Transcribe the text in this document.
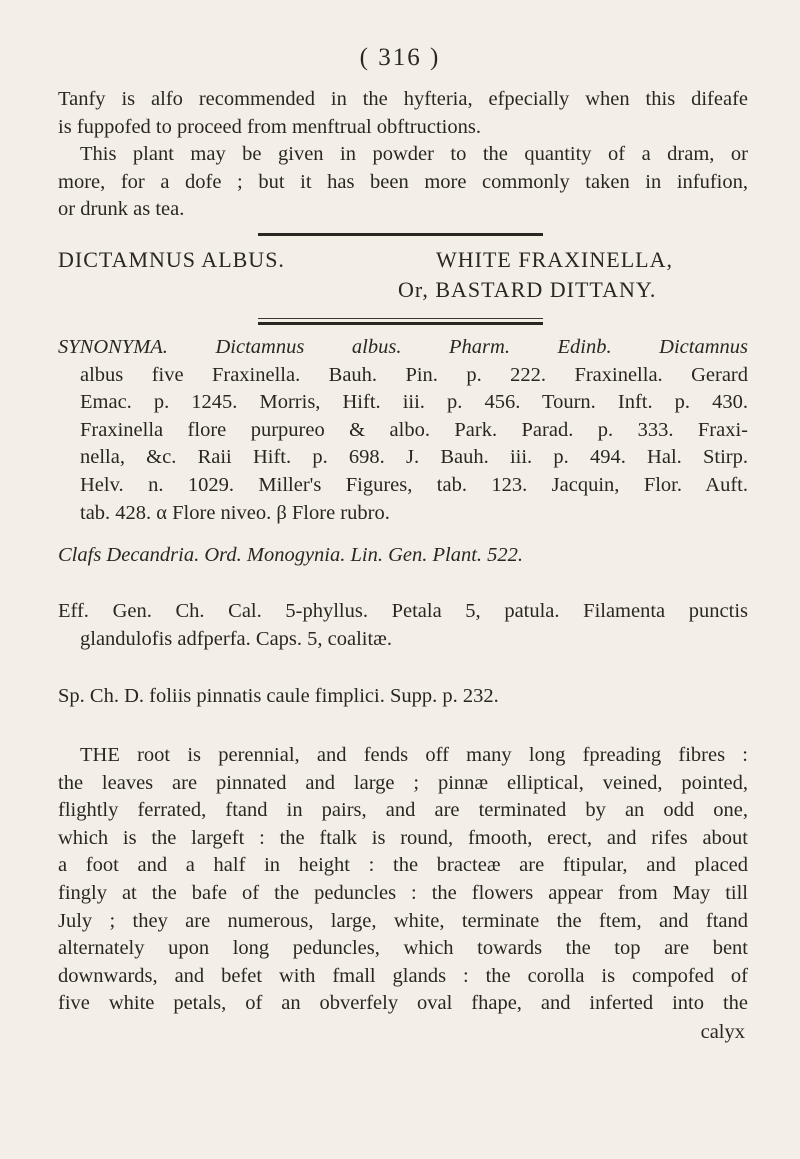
( 316 )

Tanfy is alfo recommended in the hyfteria, efpecially when this difeafe
is fuppofed to proceed from menftrual obftructions.
This plant may be given in powder to the quantity of a dram, or
more, for a dofe ; but it has been more commonly taken in infufion,
or drunk as tea.

DICTAMNUS ALBUS.	WHITE FRAXINELLA,
Or, BASTARD DITTANY.

SYNONYMA. Dictamnus albus. Pharm. Edinb. Dictamnus
albus five Fraxinella. Bauh. Pin. p. 222. Fraxinella. Gerard
Emac. p. 1245. Morris, Hift. iii. p. 456. Tourn. Inft. p. 430.
Fraxinella flore purpureo & albo. Park. Parad. p. 333. Fraxi-
nella, &c. Raii Hift. p. 698. J. Bauh. iii. p. 494. Hal. Stirp.
Helv. n. 1029. Miller's Figures, tab. 123. Jacquin, Flor. Auft.
tab. 428. α Flore niveo. β Flore rubro.

Clafs Decandria. Ord. Monogynia. Lin. Gen. Plant. 522.

Eff. Gen. Ch. Cal. 5-phyllus. Petala 5, patula. Filamenta punctis
glandulofis adfperfa. Caps. 5, coalitæ.

Sp. Ch. D. foliis pinnatis caule fimplici. Supp. p. 232.

THE root is perennial, and fends off many long fpreading fibres :
the leaves are pinnated and large ; pinnæ elliptical, veined, pointed,
flightly ferrated, ftand in pairs, and are terminated by an odd one,
which is the largeft : the ftalk is round, fmooth, erect, and rifes about
a foot and a half in height : the bracteæ are ftipular, and placed
fingly at the bafe of the peduncles : the flowers appear from May till
July ; they are numerous, large, white, terminate the ftem, and ftand
alternately upon long peduncles, which towards the top are bent
downwards, and befet with fmall glands : the corolla is compofed of
five white petals, of an obverfely oval fhape, and inferted into the

calyx
